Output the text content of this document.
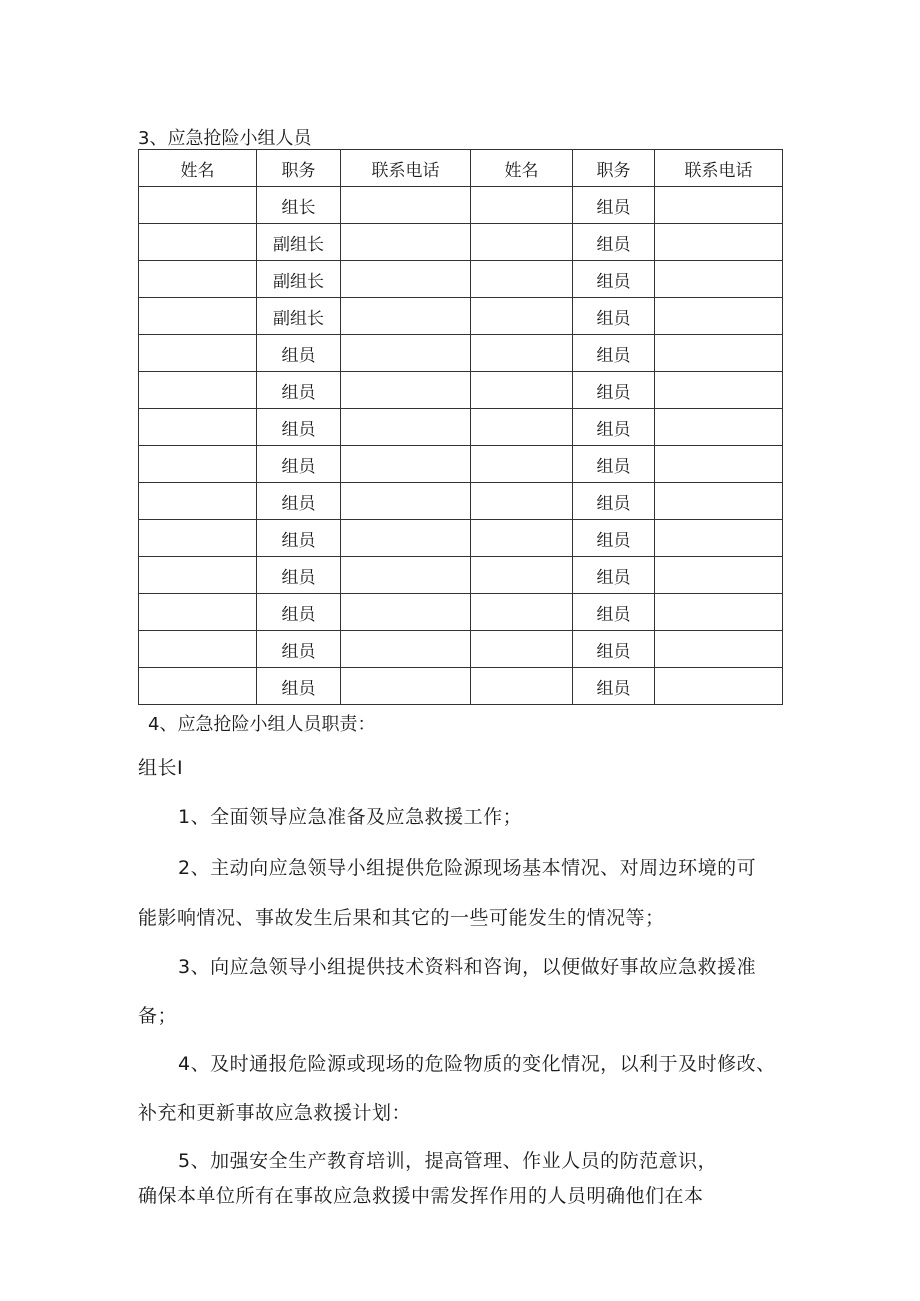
3、应急抢险小组人员
姓名	职务	联系电话	姓名	职务	联系电话
	组长			组员	
	副组长			组员	
	副组长			组员	
	副组长			组员	
	组员			组员	
	组员			组员	
	组员			组员	
	组员			组员	
	组员			组员	
	组员			组员	
	组员			组员	
	组员			组员	
	组员			组员	
	组员			组员	
4、应急抢险小组人员职责：
组长I
1、全面领导应急准备及应急救援工作；
2、主动向应急领导小组提供危险源现场基本情况、对周边环境的可
能影响情况、事故发生后果和其它的一些可能发生的情况等；
3、向应急领导小组提供技术资料和咨询，以便做好事故应急救援准
备；
4、及时通报危险源或现场的危险物质的变化情况，以利于及时修改、
补充和更新事故应急救援计划：
5、加强安全生产教育培训，提高管理、作业人员的防范意识，
确保本单位所有在事故应急救援中需发挥作用的人员明确他们在本
